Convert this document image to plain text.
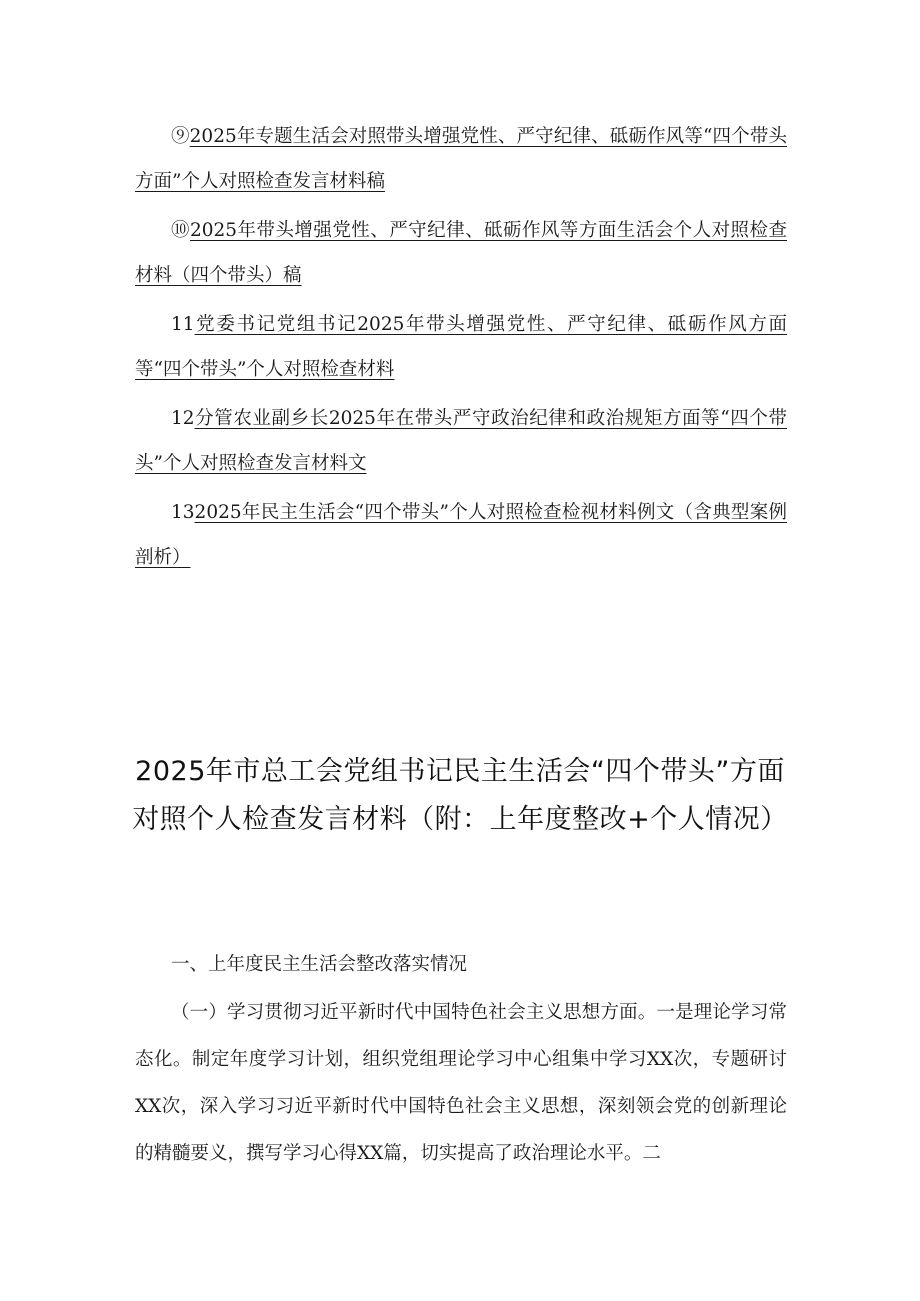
⑨2025年专题生活会对照带头增强党性、严守纪律、砥砺作风等“四个带头方面”个人对照检查发言材料稿

⑩2025年带头增强党性、严守纪律、砥砺作风等方面生活会个人对照检查材料（四个带头）稿

11党委书记党组书记2025年带头增强党性、严守纪律、砥砺作风方面等“四个带头”个人对照检查材料

12分管农业副乡长2025年在带头严守政治纪律和政治规矩方面等“四个带头”个人对照检查发言材料文

132025年民主生活会“四个带头”个人对照检查检视材料例文（含典型案例剖析）

2025年市总工会党组书记民主生活会“四个带头”方面对照个人检查发言材料（附：上年度整改+个人情况）

一、上年度民主生活会整改落实情况

（一）学习贯彻习近平新时代中国特色社会主义思想方面。一是理论学习常态化。制定年度学习计划，组织党组理论学习中心组集中学习XX次，专题研讨XX次，深入学习习近平新时代中国特色社会主义思想，深刻领会党的创新理论的精髓要义，撰写学习心得XX篇，切实提高了政治理论水平。二
